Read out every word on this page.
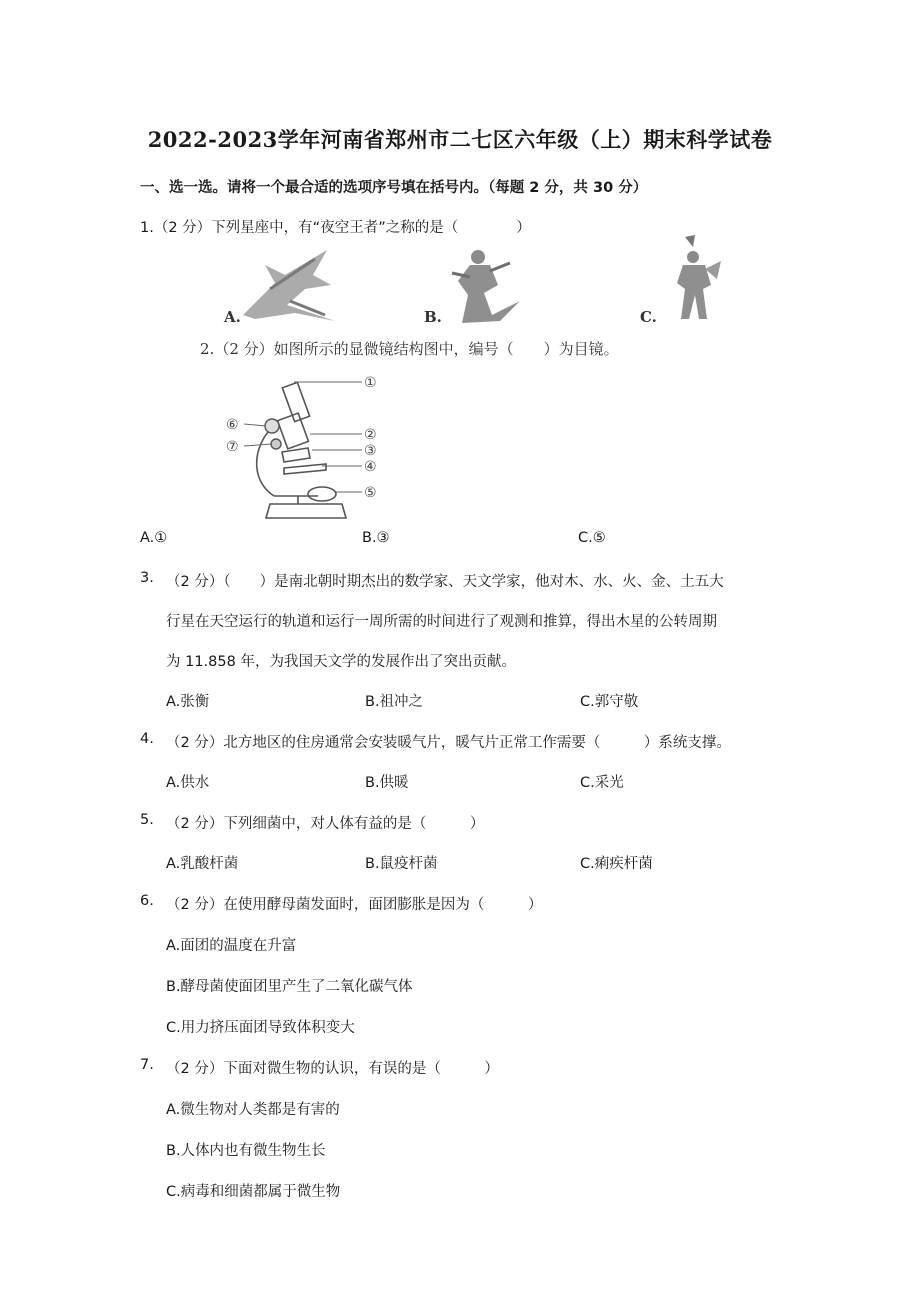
2022-2023学年河南省郑州市二七区六年级（上）期末科学试卷
一、选一选。请将一个最合适的选项序号填在括号内。（每题 2 分，共 30 分）
1.（2 分）下列星座中，有“夜空王者”之称的是（　　　　）
A.	B.	C.
2.（2 分）如图所示的显微镜结构图中，编号（　　）为目镜。
①
②
③
④
⑤
⑥
⑦
A.①	B.③	C.⑤
3. （2 分）（　　）是南北朝时期杰出的数学家、天文学家，他对木、水、火、金、土五大
行星在天空运行的轨道和运行一周所需的时间进行了观测和推算，得出木星的公转周期
为 11.858 年，为我国天文学的发展作出了突出贡献。
A.张衡	B.祖冲之	C.郭守敬
4. （2 分）北方地区的住房通常会安装暖气片，暖气片正常工作需要（　　　）系统支撑。
A.供水	B.供暖	C.采光
5. （2 分）下列细菌中，对人体有益的是（　　　）
A.乳酸杆菌	B.鼠疫杆菌	C.痢疾杆菌
6. （2 分）在使用酵母菌发面时，面团膨胀是因为（　　　）
A.面团的温度在升富
B.酵母菌使面团里产生了二氧化碳气体
C.用力挤压面团导致体积变大
7. （2 分）下面对微生物的认识，有误的是（　　　）
A.微生物对人类都是有害的
B.人体内也有微生物生长
C.病毒和细菌都属于微生物
